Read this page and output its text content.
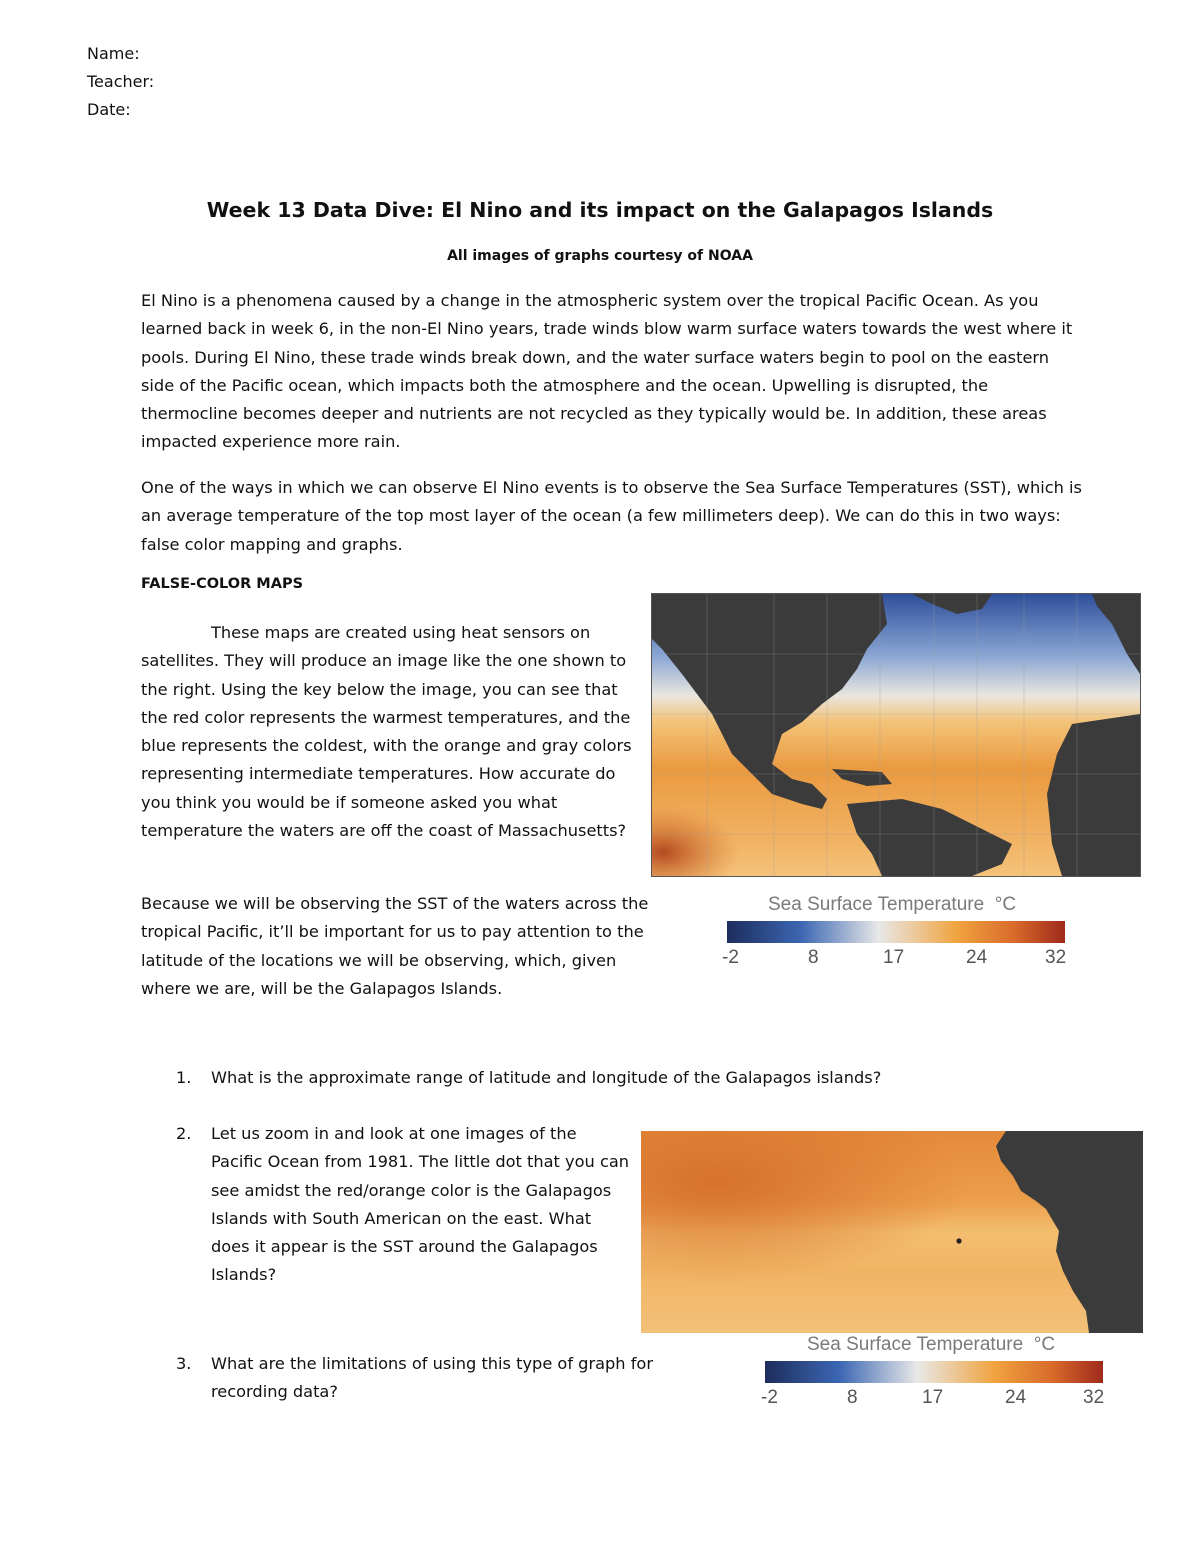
Name:
Teacher:
Date:
Week 13 Data Dive: El Nino and its impact on the Galapagos Islands
All images of graphs courtesy of NOAA

El Nino is a phenomena caused by a change in the atmospheric system over the tropical Pacific Ocean. As you learned back in week 6, in the non-El Nino years, trade winds blow warm surface waters towards the west where it pools. During El Nino, these trade winds break down, and the water surface waters begin to pool on the eastern side of the Pacific ocean, which impacts both the atmosphere and the ocean. Upwelling is disrupted, the thermocline becomes deeper and nutrients are not recycled as they typically would be. In addition, these areas impacted experience more rain.

One of the ways in which we can observe El Nino events is to observe the Sea Surface Temperatures (SST), which is an average temperature of the top most layer of the ocean (a few millimeters deep). We can do this in two ways: false color mapping and graphs.

FALSE-COLOR MAPS

These maps are created using heat sensors on satellites. They will produce an image like the one shown to the right. Using the key below the image, you can see that the red color represents the warmest temperatures, and the blue represents the coldest, with the orange and gray colors representing intermediate temperatures. How accurate do you think you would be if someone asked you what temperature the waters are off the coast of Massachusetts?

Because we will be observing the SST of the waters across the tropical Pacific, it’ll be important for us to pay attention to the latitude of the locations we will be observing, which, given where we are, will be the Galapagos Islands.

Sea Surface Temperature °C
-2	8	17	24	32
1. What is the approximate range of latitude and longitude of the Galapagos islands?
2. Let us zoom in and look at one images of the Pacific Ocean from 1981. The little dot that you can see amidst the red/orange color is the Galapagos Islands with South American on the east. What does it appear is the SST around the Galapagos Islands?
3. What are the limitations of using this type of graph for recording data?
Sea Surface Temperature °C
-2	8	17	24	32
